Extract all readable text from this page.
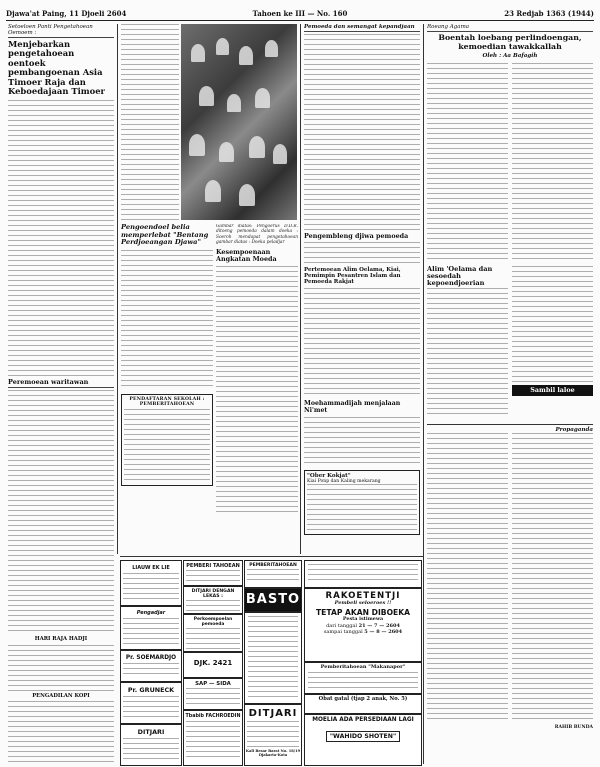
Djawa'at Paing, 11 Djoeli 2604	Tahoen ke III — No. 160	23 Redjab 1363 (1944)
Setoeloen Panti Pengetahoean Oemoem :
Menjebarkan pengetahoean oentoek pembangoenan Asia Timoer Raja dan Keboedajaan Timoer
Peremoean waritawan
HARI RAJA HADJI
PENGADILAN KOPI
Pengoendoel belia memperlebat "Bentang Perdjoeangan Djawa"
PENDAFTARAN SEKOLAH : PEMBERITAHOEAN
Gambar diatas: Pengoerus D.D.R. ditoeng pemoeda dalam doeka : Soeroh mendapat pengetahoean gambar diatas : Doeka peladjar
Kesempoenaan Angkatan Moeda
Pemoeda dan semangat kepandjaan
Pengembleng djiwa pemoeda
Pertemoean Alim Oelama, Kiai, Pemimpin Pesantren Islam dan Pemoeda Rakjat
Moehammadijah menjalaan Ni'met
"Ober Kokjat"
Kiai Ponp dan Kaling mekarang
Roeang Agama
Boentah loebang perlindoengan, kemoedian tawakkallah
Oleh : Aa Bafagih
Alim 'Oelama dan sesoedah kepoendjoerian
Sambil laloe
Propaganda
RAHIB BUNDA
LIAUW EK LIE
Pengadjar
Pr. SOEMARDJO
Pr. GRUNECK
DITJARI
PEMBERI TAHOEAN
DITJARI DENGAN LEKAS :
Perkoempoelan pemoeda
DJK. 2421
SAP — SIDA
Tbabib FACHROEDIN
PEMBERITAHOEAN
BASTO	RAKOETENTJI
Pembeli seloeroes !!
TETAP AKAN DIBOEKA
Pesta istimewa
dari tanggal 21 — 7 — 2604
sampai tanggal 5 — 8 — 2604
Pemberitahoean "Makanapor"
Obat gatal (tjap 2 anak, No. 5)
MOELIA ADA PERSEDIAAN LAGI
"WAHIDO SHOTEN"
DITJARI
Kali Besar Barat No. 18/19 Djakarta-Kota
